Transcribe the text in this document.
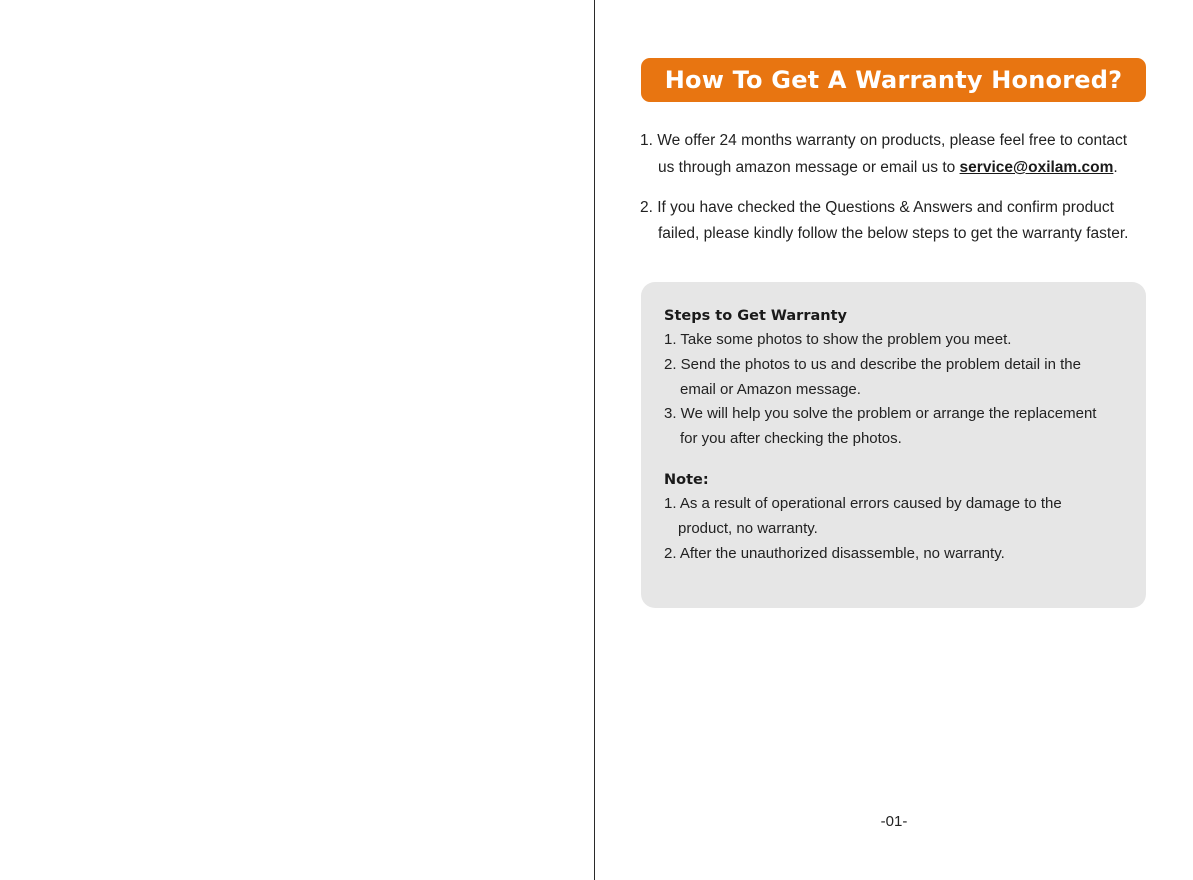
How To Get A Warranty Honored?
1. We offer 24 months warranty on products, please feel free to contact
us through amazon message or email us to service@oxilam.com.
2. If you have checked the Questions & Answers and confirm product
failed, please kindly follow the below steps to get the warranty faster.
Steps to Get Warranty
1. Take some photos to show the problem you meet.
2. Send the photos to us and describe the problem detail in the
email or Amazon message.
3. We will help you solve the problem or arrange the replacement
for you after checking the photos.
Note:
1. As a result of operational errors caused by damage to the
product, no warranty.
2. After the unauthorized disassemble, no warranty.
-01-
